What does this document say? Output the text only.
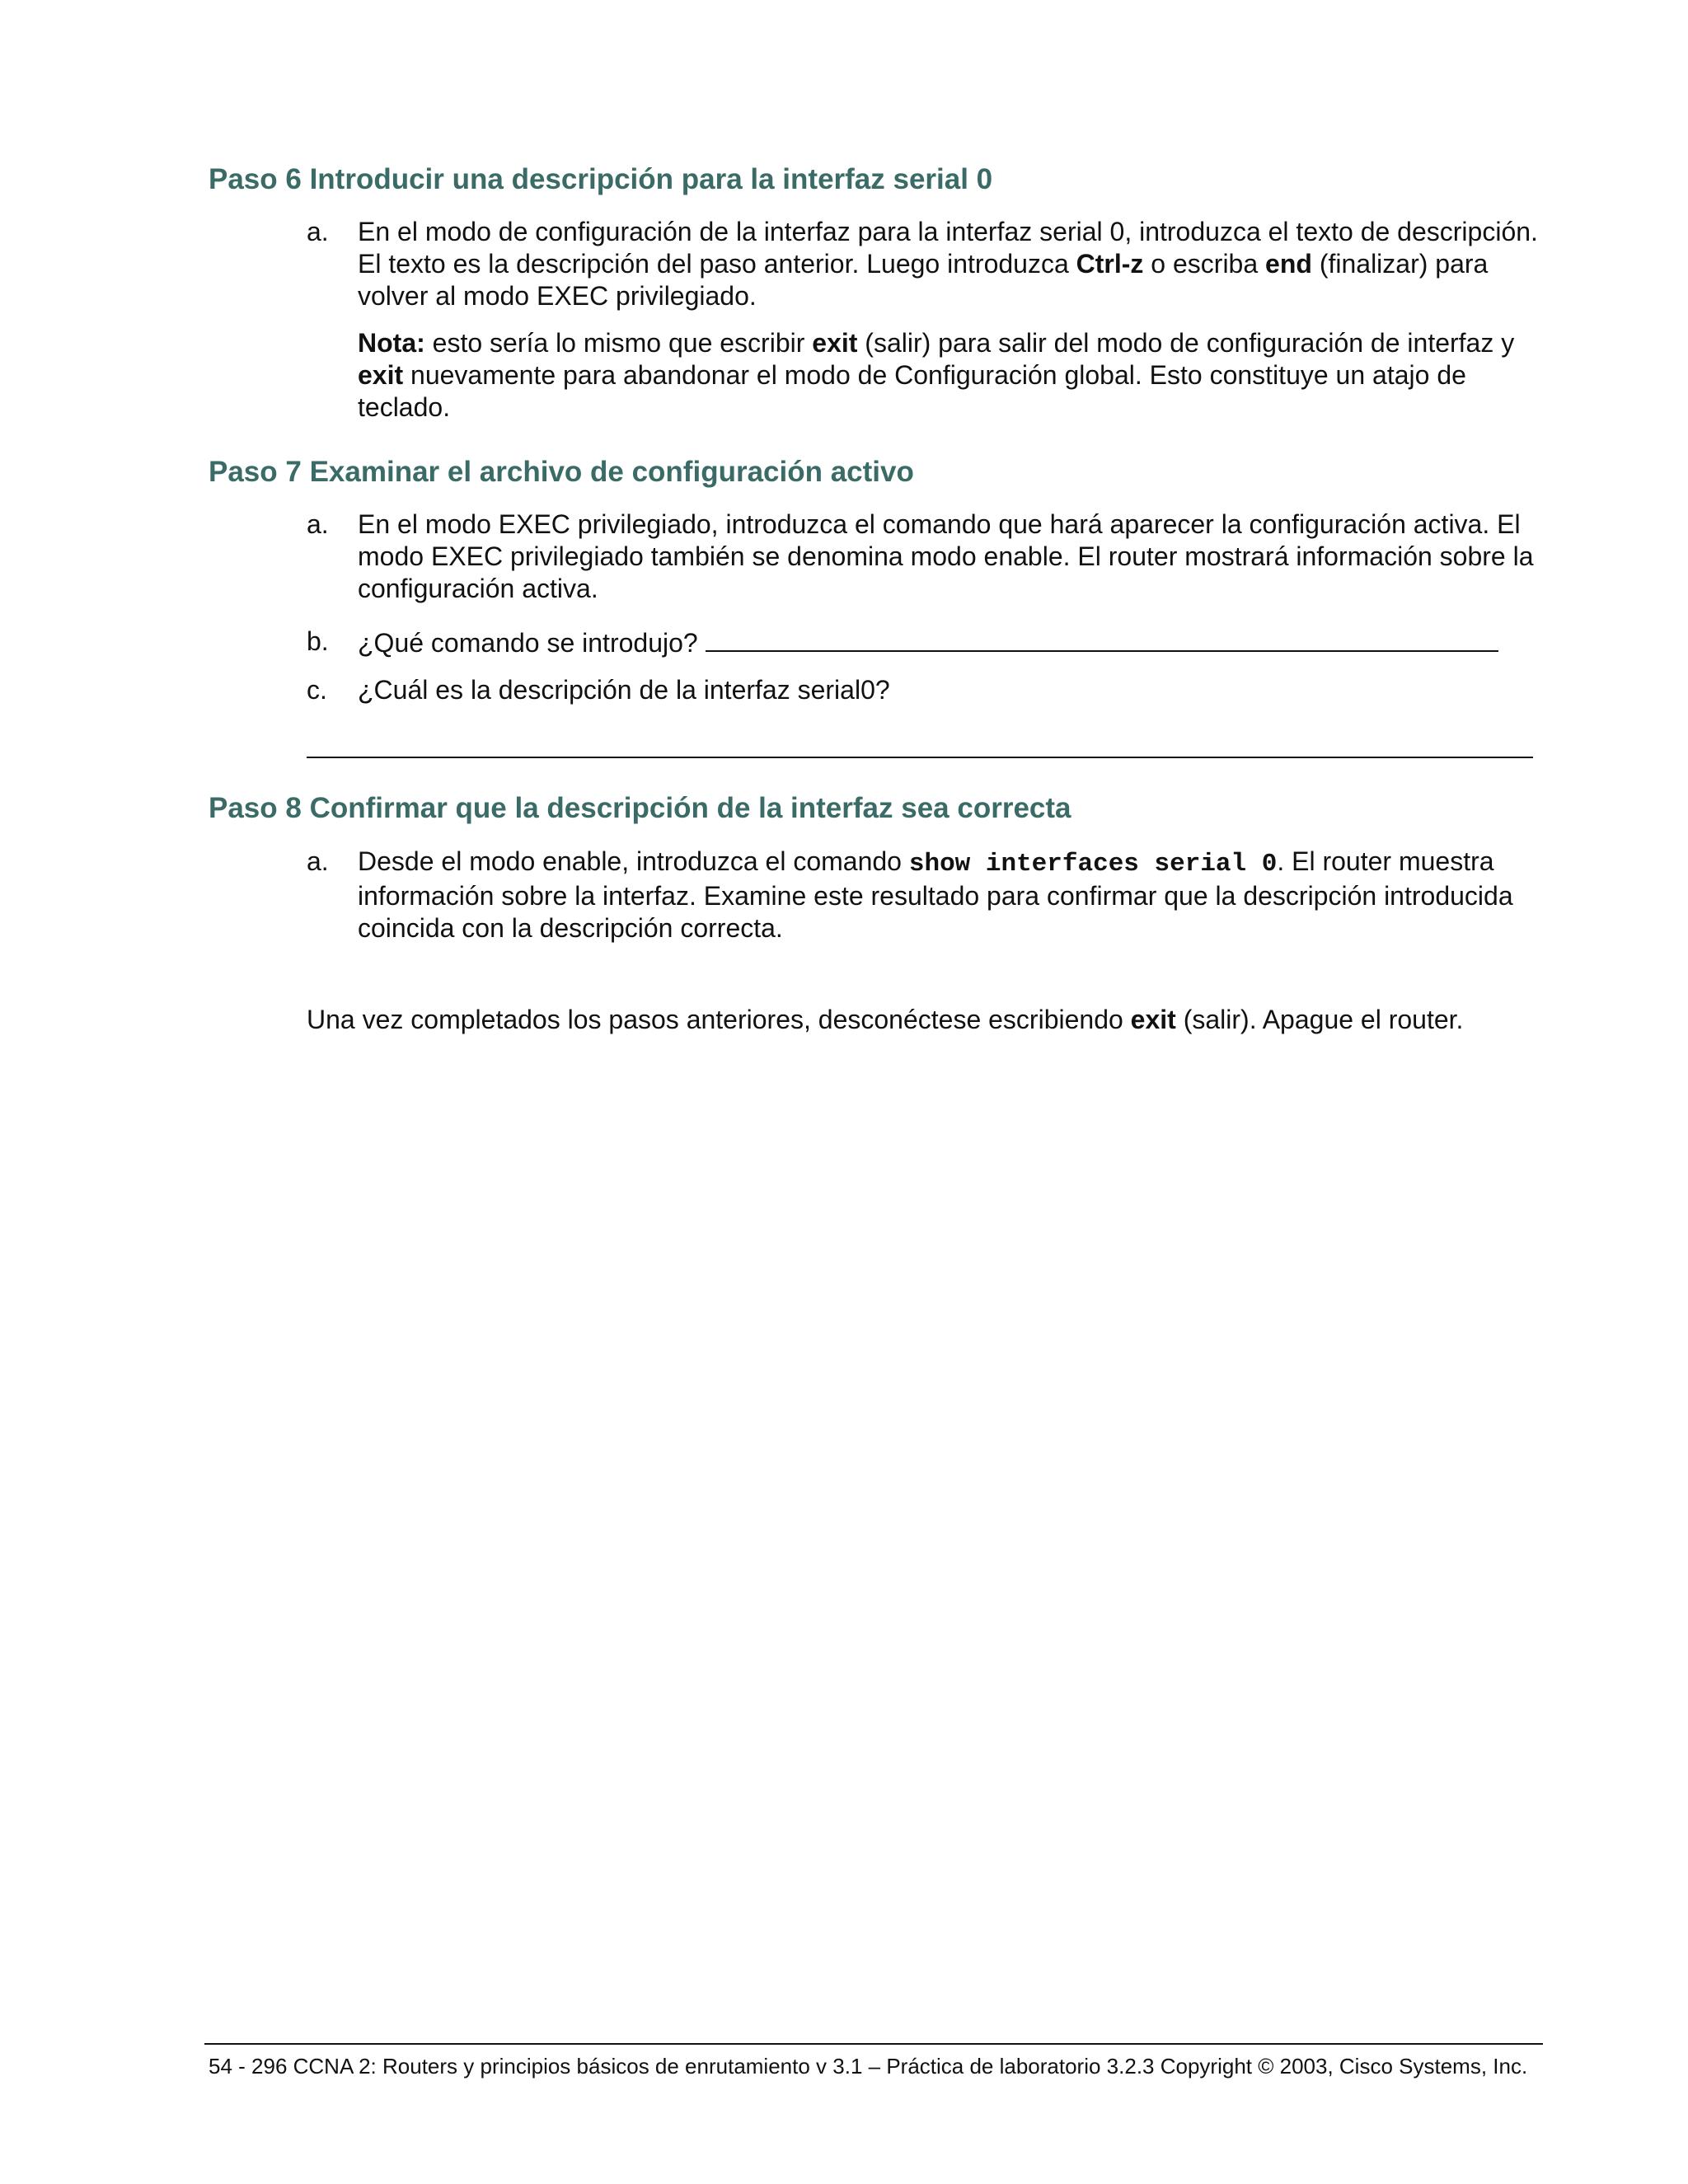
Paso 6 Introducir una descripción para la interfaz serial 0
a. En el modo de configuración de la interfaz para la interfaz serial 0, introduzca el texto de descripción. El texto es la descripción del paso anterior. Luego introduzca Ctrl-z o escriba end (finalizar) para volver al modo EXEC privilegiado.
Nota: esto sería lo mismo que escribir exit (salir) para salir del modo de configuración de interfaz y exit nuevamente para abandonar el modo de Configuración global. Esto constituye un atajo de teclado.
Paso 7 Examinar el archivo de configuración activo
a. En el modo EXEC privilegiado, introduzca el comando que hará aparecer la configuración activa. El modo EXEC privilegiado también se denomina modo enable. El router mostrará información sobre la configuración activa.
b. ¿Qué comando se introdujo?
c. ¿Cuál es la descripción de la interfaz serial0?
Paso 8 Confirmar que la descripción de la interfaz sea correcta
a. Desde el modo enable, introduzca el comando show interfaces serial 0. El router muestra información sobre la interfaz. Examine este resultado para confirmar que la descripción introducida coincida con la descripción correcta.

Una vez completados los pasos anteriores, desconéctese escribiendo exit (salir). Apague el router.

54 - 296 CCNA 2: Routers y principios básicos de enrutamiento v 3.1 – Práctica de laboratorio 3.2.3 Copyright © 2003, Cisco Systems, Inc.
